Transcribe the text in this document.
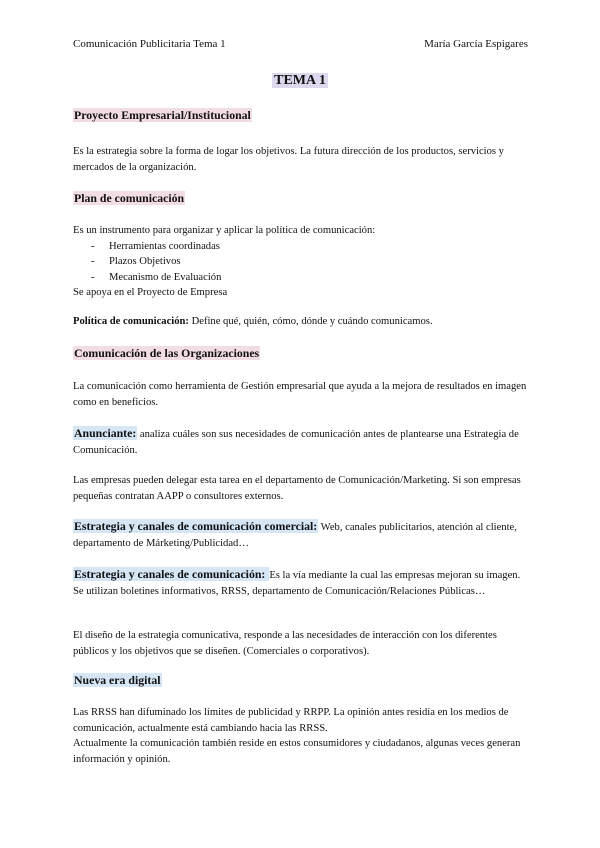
Comunicación Publicitaria Tema 1	María García Espigares
TEMA 1
Proyecto Empresarial/Institucional
Es la estrategia sobre la forma de logar los objetivos. La futura dirección de los productos, servicios y mercados de la organización.
Plan de comunicación
Es un instrumento para organizar y aplicar la política de comunicación:
- Herramientas coordinadas
- Plazos Objetivos
- Mecanismo de Evaluación
Se apoya en el Proyecto de Empresa
Política de comunicación: Define qué, quién, cómo, dónde y cuándo comunicamos.
Comunicación de las Organizaciones
La comunicación como herramienta de Gestión empresarial que ayuda a la mejora de resultados en imagen como en beneficios.
Anunciante: analiza cuáles son sus necesidades de comunicación antes de plantearse una Estrategia de Comunicación.
Las empresas pueden delegar esta tarea en el departamento de Comunicación/Marketing. Si son empresas pequeñas contratan AAPP o consultores externos.
Estrategia y canales de comunicación comercial: Web, canales publicitarios, atención al cliente, departamento de Márketing/Publicidad…
Estrategia y canales de comunicación: Es la vía mediante la cual las empresas mejoran su imagen. Se utilizan boletines informativos, RRSS, departamento de Comunicación/Relaciones Públicas…
El diseño de la estrategia comunicativa, responde a las necesidades de interacción con los diferentes públicos y los objetivos que se diseñen. (Comerciales o corporativos).
Nueva era digital
Las RRSS han difuminado los límites de publicidad y RRPP. La opinión antes residía en los medios de comunicación, actualmente está cambiando hacia las RRSS.
Actualmente la comunicación también reside en estos consumidores y ciudadanos, algunas veces generan información y opinión.
